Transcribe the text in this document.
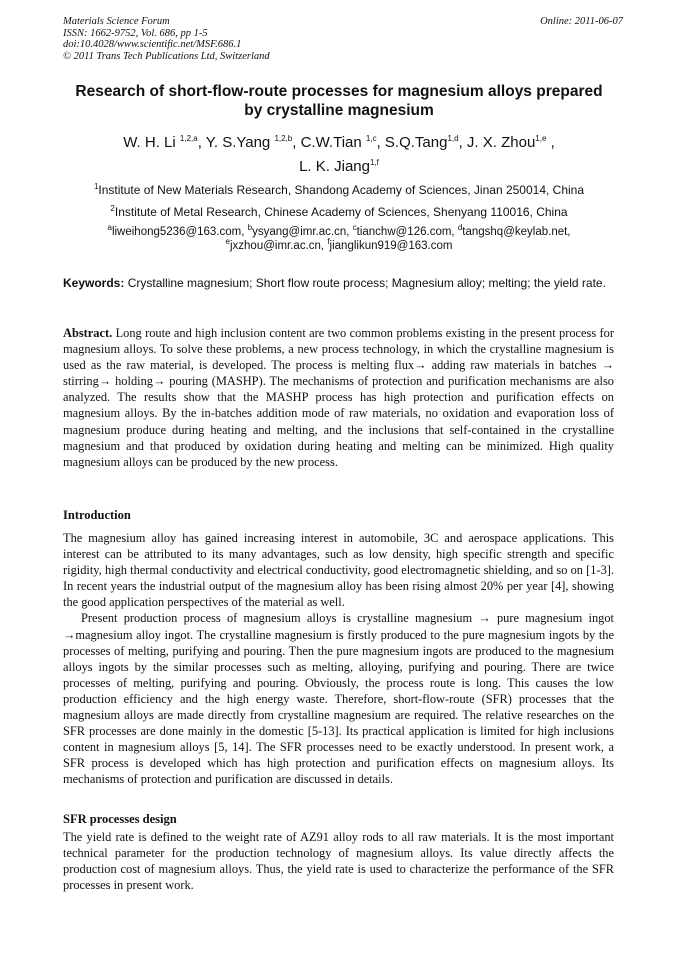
Materials Science Forum	Online: 2011-06-07
ISSN: 1662-9752, Vol. 686, pp 1-5
doi:10.4028/www.scientific.net/MSF.686.1
© 2011 Trans Tech Publications Ltd, Switzerland
Research of short-flow-route processes for magnesium alloys prepared
by crystalline magnesium
W. H. Li $^{1,2,a}$, Y. S.Yang $^{1,2,b}$, C.W.Tian $^{1,c}$, S.Q.Tang$^{1,d}$, J. X. Zhou$^{1,e}$ ,
L. K. Jiang$^{1,f}$
$^1$Institute of New Materials Research, Shandong Academy of Sciences, Jinan 250014, China
$^2$Institute of Metal Research, Chinese Academy of Sciences, Shenyang 110016, China
$^a$liweihong5236@163.com, $^b$ysyang@imr.ac.cn, $^c$tianchw@126.com, $^d$tangshq@keylab.net,
$^e$jxzhou@imr.ac.cn, $^f$jianglikun919@163.com
Keywords: Crystalline magnesium; Short flow route process; Magnesium alloy; melting; the yield rate.

Abstract. Long route and high inclusion content are two common problems existing in the present process for magnesium alloys. To solve these problems, a new process technology, in which the crystalline magnesium is used as the raw material, is developed. The process is melting flux→ adding raw materials in batches → stirring→ holding→ pouring (MASHP). The mechanisms of protection and purification mechanisms are also analyzed. The results show that the MASHP process has high protection and purification effects on magnesium alloys. By the in-batches addition mode of raw materials, no oxidation and evaporation loss of magnesium produce during heating and melting, and the inclusions that self-contained in the crystalline magnesium and that produced by oxidation during heating and melting can be minimized. High quality magnesium alloys can be produced by the new process.

Introduction

The magnesium alloy has gained increasing interest in automobile, 3C and aerospace applications. This interest can be attributed to its many advantages, such as low density, high specific strength and specific rigidity, high thermal conductivity and electrical conductivity, good electromagnetic shielding, and so on [1-3]. In recent years the industrial output of the magnesium alloy has been rising almost 20% per year [4], showing the good application perspectives of the material as well.

Present production process of magnesium alloys is crystalline magnesium → pure magnesium ingot →magnesium alloy ingot. The crystalline magnesium is firstly produced to the pure magnesium ingots by the processes of melting, purifying and pouring. Then the pure magnesium ingots are produced to the magnesium alloys ingots by the similar processes such as melting, alloying, purifying and pouring. There are twice processes of melting, purifying and pouring. Obviously, the process route is long. This causes the low production efficiency and the high energy waste. Therefore, short-flow-route (SFR) processes that the magnesium alloys are made directly from crystalline magnesium are required. The relative researches on the SFR processes are done mainly in the domestic [5-13]. Its practical application is limited for high inclusions content in magnesium alloys [5, 14]. The SFR processes need to be exactly understood. In present work, a SFR process is developed which has high protection and purification effects on magnesium alloys. Its mechanisms of protection and purification are discussed in details.

SFR processes design

The yield rate is defined to the weight rate of AZ91 alloy rods to all raw materials. It is the most important technical parameter for the production technology of magnesium alloys. Its value directly affects the production cost of magnesium alloys. Thus, the yield rate is used to characterize the performance of the SFR processes in present work.
